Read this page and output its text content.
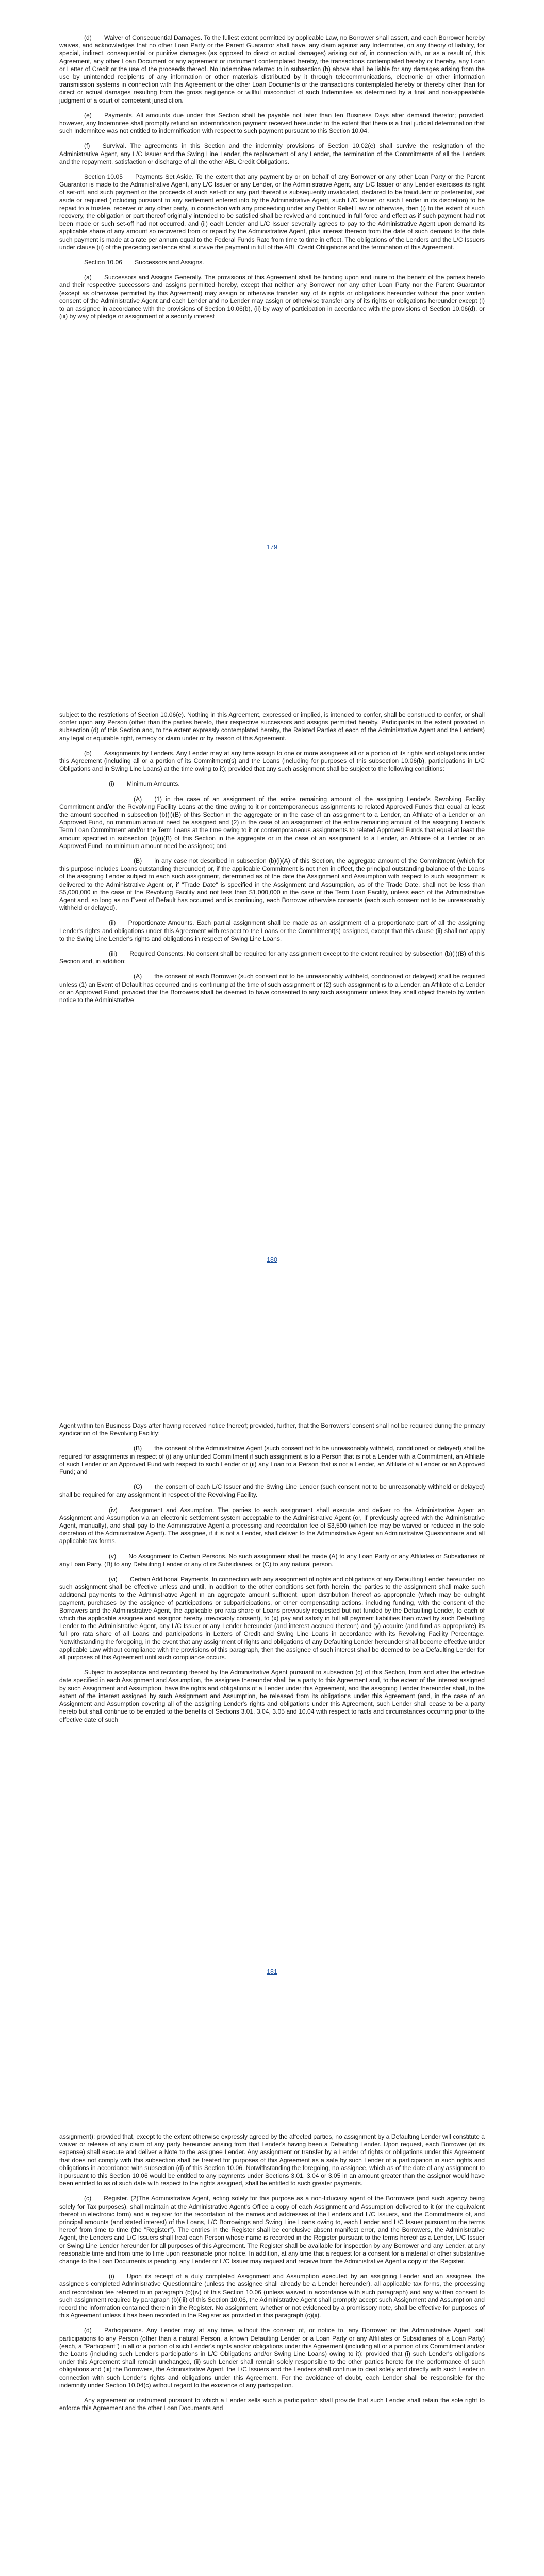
(d)  Waiver of Consequential Damages. To the fullest extent permitted by applicable Law, no Borrower shall assert, and each Borrower hereby waives, and acknowledges that no other Loan Party or the Parent Guarantor shall have, any claim against any Indemnitee, on any theory of liability, for special, indirect, consequential or punitive damages (as opposed to direct or actual damages) arising out of, in connection with, or as a result of, this Agreement, any other Loan Document or any agreement or instrument contemplated hereby, the transactions contemplated hereby or thereby, any Loan or Letter of Credit or the use of the proceeds thereof. No Indemnitee referred to in subsection (b) above shall be liable for any damages arising from the use by unintended recipients of any information or other materials distributed by it through telecommunications, electronic or other information transmission systems in connection with this Agreement or the other Loan Documents or the transactions contemplated hereby or thereby other than for direct or actual damages resulting from the gross negligence or willful misconduct of such Indemnitee as determined by a final and non-appealable judgment of a court of competent jurisdiction.

(e)  Payments. All amounts due under this Section shall be payable not later than ten Business Days after demand therefor; provided, however, any Indemnitee shall promptly refund an indemnification payment received hereunder to the extent that there is a final judicial determination that such Indemnitee was not entitled to indemnification with respect to such payment pursuant to this Section 10.04.

(f)  Survival. The agreements in this Section and the indemnity provisions of Section 10.02(e) shall survive the resignation of the Administrative Agent, any L/C Issuer and the Swing Line Lender, the replacement of any Lender, the termination of the Commitments of all the Lenders and the repayment, satisfaction or discharge of all the other ABL Credit Obligations.

Section 10.05  Payments Set Aside. To the extent that any payment by or on behalf of any Borrower or any other Loan Party or the Parent Guarantor is made to the Administrative Agent, any L/C Issuer or any Lender, or the Administrative Agent, any L/C Issuer or any Lender exercises its right of set-off, and such payment or the proceeds of such set-off or any part thereof is subsequently invalidated, declared to be fraudulent or preferential, set aside or required (including pursuant to any settlement entered into by the Administrative Agent, such L/C Issuer or such Lender in its discretion) to be repaid to a trustee, receiver or any other party, in connection with any proceeding under any Debtor Relief Law or otherwise, then (i) to the extent of such recovery, the obligation or part thereof originally intended to be satisfied shall be revived and continued in full force and effect as if such payment had not been made or such set-off had not occurred, and (ii) each Lender and L/C Issuer severally agrees to pay to the Administrative Agent upon demand its applicable share of any amount so recovered from or repaid by the Administrative Agent, plus interest thereon from the date of such demand to the date such payment is made at a rate per annum equal to the Federal Funds Rate from time to time in effect. The obligations of the Lenders and the L/C Issuers under clause (ii) of the preceding sentence shall survive the payment in full of the ABL Credit Obligations and the termination of this Agreement.

Section 10.06  Successors and Assigns.

(a)  Successors and Assigns Generally. The provisions of this Agreement shall be binding upon and inure to the benefit of the parties hereto and their respective successors and assigns permitted hereby, except that neither any Borrower nor any other Loan Party nor the Parent Guarantor (except as otherwise permitted by this Agreement) may assign or otherwise transfer any of its rights or obligations hereunder without the prior written consent of the Administrative Agent and each Lender and no Lender may assign or otherwise transfer any of its rights or obligations hereunder except (i) to an assignee in accordance with the provisions of Section 10.06(b), (ii) by way of participation in accordance with the provisions of Section 10.06(d), or (iii) by way of pledge or assignment of a security interest

179

subject to the restrictions of Section 10.06(e). Nothing in this Agreement, expressed or implied, is intended to confer, shall be construed to confer, or shall confer upon any Person (other than the parties hereto, their respective successors and assigns permitted hereby, Participants to the extent provided in subsection (d) of this Section and, to the extent expressly contemplated hereby, the Related Parties of each of the Administrative Agent and the Lenders) any legal or equitable right, remedy or claim under or by reason of this Agreement.

(b)  Assignments by Lenders. Any Lender may at any time assign to one or more assignees all or a portion of its rights and obligations under this Agreement (including all or a portion of its Commitment(s) and the Loans (including for purposes of this subsection 10.06(b), participations in L/C Obligations and in Swing Line Loans) at the time owing to it); provided that any such assignment shall be subject to the following conditions:

(i)  Minimum Amounts.

(A)  (1) in the case of an assignment of the entire remaining amount of the assigning Lender's Revolving Facility Commitment and/or the Revolving Facility Loans at the time owing to it or contemporaneous assignments to related Approved Funds that equal at least the amount specified in subsection (b)(i)(B) of this Section in the aggregate or in the case of an assignment to a Lender, an Affiliate of a Lender or an Approved Fund, no minimum amount need be assigned and (2) in the case of an assignment of the entire remaining amount of the assigning Lender's Term Loan Commitment and/or the Term Loans at the time owing to it or contemporaneous assignments to related Approved Funds that equal at least the amount specified in subsection (b)(i)(B) of this Section in the aggregate or in the case of an assignment to a Lender, an Affiliate of a Lender or an Approved Fund, no minimum amount need be assigned; and

(B)  in any case not described in subsection (b)(i)(A) of this Section, the aggregate amount of the Commitment (which for this purpose includes Loans outstanding thereunder) or, if the applicable Commitment is not then in effect, the principal outstanding balance of the Loans of the assigning Lender subject to each such assignment, determined as of the date the Assignment and Assumption with respect to such assignment is delivered to the Administrative Agent or, if "Trade Date" is specified in the Assignment and Assumption, as of the Trade Date, shall not be less than $5,000,000 in the case of the Revolving Facility and not less than $1,000,000 in the case of the Term Loan Facility, unless each of the Administrative Agent and, so long as no Event of Default has occurred and is continuing, each Borrower otherwise consents (each such consent not to be unreasonably withheld or delayed).

(ii)  Proportionate Amounts. Each partial assignment shall be made as an assignment of a proportionate part of all the assigning Lender's rights and obligations under this Agreement with respect to the Loans or the Commitment(s) assigned, except that this clause (ii) shall not apply to the Swing Line Lender's rights and obligations in respect of Swing Line Loans.

(iii)  Required Consents. No consent shall be required for any assignment except to the extent required by subsection (b)(i)(B) of this Section and, in addition:

(A)  the consent of each Borrower (such consent not to be unreasonably withheld, conditioned or delayed) shall be required unless (1) an Event of Default has occurred and is continuing at the time of such assignment or (2) such assignment is to a Lender, an Affiliate of a Lender or an Approved Fund; provided that the Borrowers shall be deemed to have consented to any such assignment unless they shall object thereto by written notice to the Administrative

180

Agent within ten Business Days after having received notice thereof; provided, further, that the Borrowers' consent shall not be required during the primary syndication of the Revolving Facility;

(B)  the consent of the Administrative Agent (such consent not to be unreasonably withheld, conditioned or delayed) shall be required for assignments in respect of (i) any unfunded Commitment if such assignment is to a Person that is not a Lender with a Commitment, an Affiliate of such Lender or an Approved Fund with respect to such Lender or (ii) any Loan to a Person that is not a Lender, an Affiliate of a Lender or an Approved Fund; and

(C)  the consent of each L/C Issuer and the Swing Line Lender (such consent not to be unreasonably withheld or delayed) shall be required for any assignment in respect of the Revolving Facility.

(iv)  Assignment and Assumption. The parties to each assignment shall execute and deliver to the Administrative Agent an Assignment and Assumption via an electronic settlement system acceptable to the Administrative Agent (or, if previously agreed with the Administrative Agent, manually), and shall pay to the Administrative Agent a processing and recordation fee of $3,500 (which fee may be waived or reduced in the sole discretion of the Administrative Agent). The assignee, if it is not a Lender, shall deliver to the Administrative Agent an Administrative Questionnaire and all applicable tax forms.

(v)  No Assignment to Certain Persons. No such assignment shall be made (A) to any Loan Party or any Affiliates or Subsidiaries of any Loan Party, (B) to any Defaulting Lender or any of its Subsidiaries, or (C) to any natural person.

(vi)  Certain Additional Payments. In connection with any assignment of rights and obligations of any Defaulting Lender hereunder, no such assignment shall be effective unless and until, in addition to the other conditions set forth herein, the parties to the assignment shall make such additional payments to the Administrative Agent in an aggregate amount sufficient, upon distribution thereof as appropriate (which may be outright payment, purchases by the assignee of participations or subparticipations, or other compensating actions, including funding, with the consent of the Borrowers and the Administrative Agent, the applicable pro rata share of Loans previously requested but not funded by the Defaulting Lender, to each of which the applicable assignee and assignor hereby irrevocably consent), to (x) pay and satisfy in full all payment liabilities then owed by such Defaulting Lender to the Administrative Agent, any L/C Issuer or any Lender hereunder (and interest accrued thereon) and (y) acquire (and fund as appropriate) its full pro rata share of all Loans and participations in Letters of Credit and Swing Line Loans in accordance with its Revolving Facility Percentage. Notwithstanding the foregoing, in the event that any assignment of rights and obligations of any Defaulting Lender hereunder shall become effective under applicable Law without compliance with the provisions of this paragraph, then the assignee of such interest shall be deemed to be a Defaulting Lender for all purposes of this Agreement until such compliance occurs.

Subject to acceptance and recording thereof by the Administrative Agent pursuant to subsection (c) of this Section, from and after the effective date specified in each Assignment and Assumption, the assignee thereunder shall be a party to this Agreement and, to the extent of the interest assigned by such Assignment and Assumption, have the rights and obligations of a Lender under this Agreement, and the assigning Lender thereunder shall, to the extent of the interest assigned by such Assignment and Assumption, be released from its obligations under this Agreement (and, in the case of an Assignment and Assumption covering all of the assigning Lender's rights and obligations under this Agreement, such Lender shall cease to be a party hereto but shall continue to be entitled to the benefits of Sections 3.01, 3.04, 3.05 and 10.04 with respect to facts and circumstances occurring prior to the effective date of such

181

assignment); provided that, except to the extent otherwise expressly agreed by the affected parties, no assignment by a Defaulting Lender will constitute a waiver or release of any claim of any party hereunder arising from that Lender's having been a Defaulting Lender. Upon request, each Borrower (at its expense) shall execute and deliver a Note to the assignee Lender. Any assignment or transfer by a Lender of rights or obligations under this Agreement that does not comply with this subsection shall be treated for purposes of this Agreement as a sale by such Lender of a participation in such rights and obligations in accordance with subsection (d) of this Section 10.06. Notwithstanding the foregoing, no assignee, which as of the date of any assignment to it pursuant to this Section 10.06 would be entitled to any payments under Sections 3.01, 3.04 or 3.05 in an amount greater than the assignor would have been entitled to as of such date with respect to the rights assigned, shall be entitled to such greater payments.

(c)  Register. (2)The Administrative Agent, acting solely for this purpose as a non-fiduciary agent of the Borrowers (and such agency being solely for Tax purposes), shall maintain at the Administrative Agent's Office a copy of each Assignment and Assumption delivered to it (or the equivalent thereof in electronic form) and a register for the recordation of the names and addresses of the Lenders and L/C Issuers, and the Commitments of, and principal amounts (and stated interest) of the Loans, L/C Borrowings and Swing Line Loans owing to, each Lender and L/C Issuer pursuant to the terms hereof from time to time (the "Register"). The entries in the Register shall be conclusive absent manifest error, and the Borrowers, the Administrative Agent, the Lenders and L/C Issuers shall treat each Person whose name is recorded in the Register pursuant to the terms hereof as a Lender, L/C Issuer or Swing Line Lender hereunder for all purposes of this Agreement. The Register shall be available for inspection by any Borrower and any Lender, at any reasonable time and from time to time upon reasonable prior notice. In addition, at any time that a request for a consent for a material or other substantive change to the Loan Documents is pending, any Lender or L/C Issuer may request and receive from the Administrative Agent a copy of the Register.

(i)  Upon its receipt of a duly completed Assignment and Assumption executed by an assigning Lender and an assignee, the assignee's completed Administrative Questionnaire (unless the assignee shall already be a Lender hereunder), all applicable tax forms, the processing and recordation fee referred to in paragraph (b)(iv) of this Section 10.06 (unless waived in accordance with such paragraph) and any written consent to such assignment required by paragraph (b)(iii) of this Section 10.06, the Administrative Agent shall promptly accept such Assignment and Assumption and record the information contained therein in the Register. No assignment, whether or not evidenced by a promissory note, shall be effective for purposes of this Agreement unless it has been recorded in the Register as provided in this paragraph (c)(ii).

(d)  Participations. Any Lender may at any time, without the consent of, or notice to, any Borrower or the Administrative Agent, sell participations to any Person (other than a natural Person, a known Defaulting Lender or a Loan Party or any Affiliates or Subsidiaries of a Loan Party) (each, a "Participant") in all or a portion of such Lender's rights and/or obligations under this Agreement (including all or a portion of its Commitment and/or the Loans (including such Lender's participations in L/C Obligations and/or Swing Line Loans) owing to it); provided that (i) such Lender's obligations under this Agreement shall remain unchanged, (ii) such Lender shall remain solely responsible to the other parties hereto for the performance of such obligations and (iii) the Borrowers, the Administrative Agent, the L/C Issuers and the Lenders shall continue to deal solely and directly with such Lender in connection with such Lender's rights and obligations under this Agreement. For the avoidance of doubt, each Lender shall be responsible for the indemnity under Section 10.04(c) without regard to the existence of any participation.

Any agreement or instrument pursuant to which a Lender sells such a participation shall provide that such Lender shall retain the sole right to enforce this Agreement and the other Loan Documents and
